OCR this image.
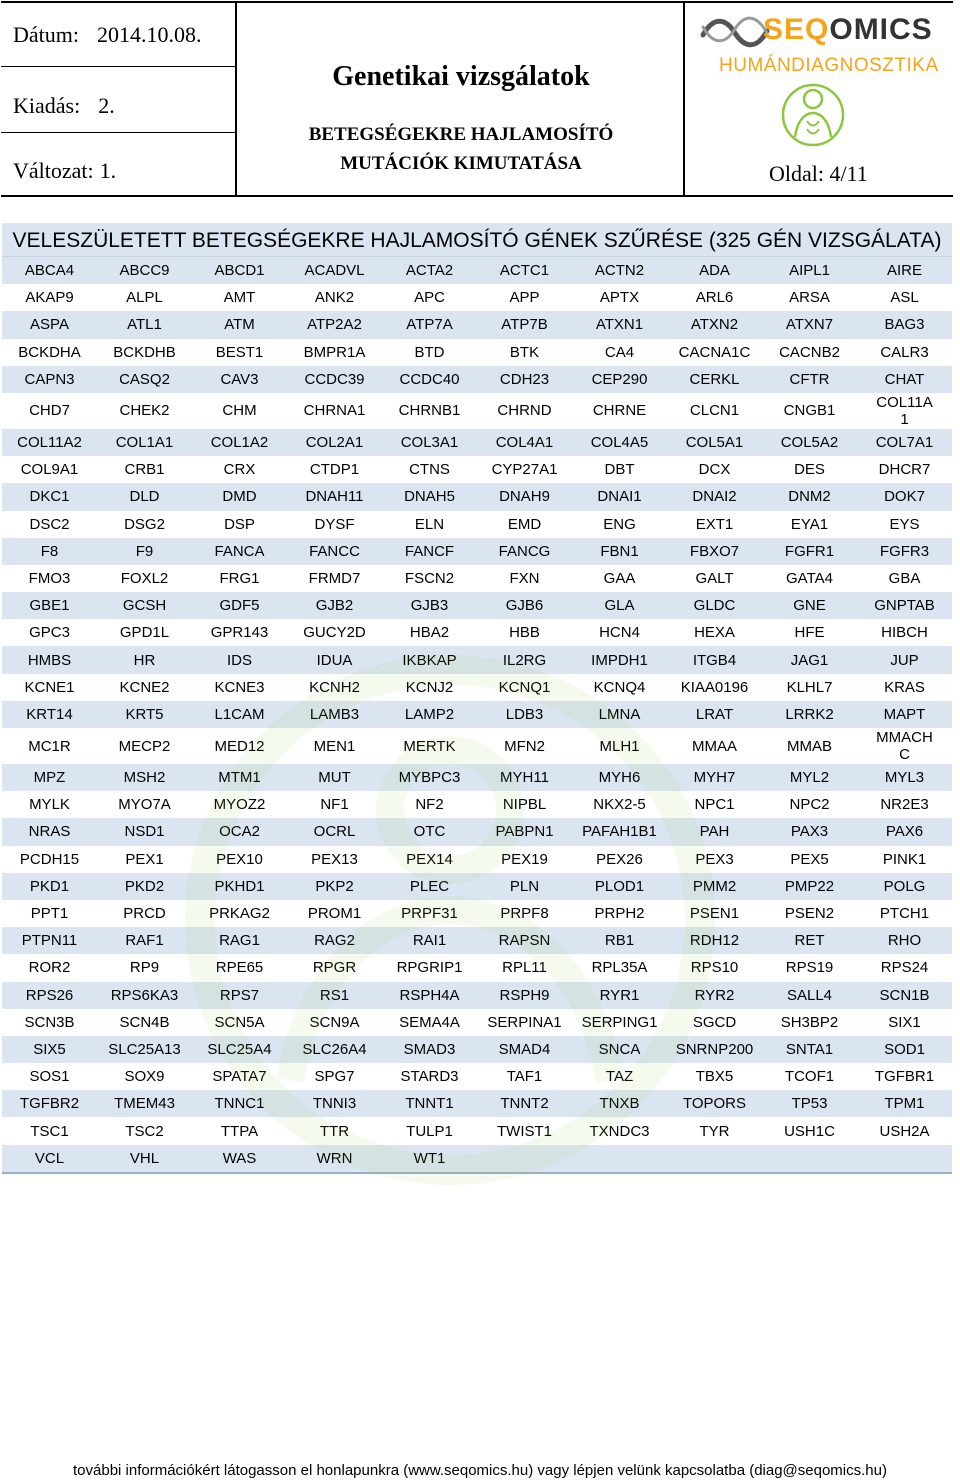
Dátum: 2014.10.08.
Kiadás: 2.
Változat: 1.
Genetikai vizsgálatok
BETEGSÉGEKRE HAJLAMOSÍTÓ
MUTÁCIÓK KIMUTATÁSA
SEQOMICS
HUMÁNDIAGNOSZTIKA
Oldal: 4/11
VELESZÜLETETT BETEGSÉGEKRE HAJLAMOSÍTÓ GÉNEK SZŰRÉSE (325 GÉN VIZSGÁLATA)
ABCA4	ABCC9	ABCD1	ACADVL	ACTA2	ACTC1	ACTN2	ADA	AIPL1	AIRE
AKAP9	ALPL	AMT	ANK2	APC	APP	APTX	ARL6	ARSA	ASL
ASPA	ATL1	ATM	ATP2A2	ATP7A	ATP7B	ATXN1	ATXN2	ATXN7	BAG3
BCKDHA	BCKDHB	BEST1	BMPR1A	BTD	BTK	CA4	CACNA1C	CACNB2	CALR3
CAPN3	CASQ2	CAV3	CCDC39	CCDC40	CDH23	CEP290	CERKL	CFTR	CHAT
CHD7	CHEK2	CHM	CHRNA1	CHRNB1	CHRND	CHRNE	CLCN1	CNGB1	COL11A
1
COL11A2	COL1A1	COL1A2	COL2A1	COL3A1	COL4A1	COL4A5	COL5A1	COL5A2	COL7A1
COL9A1	CRB1	CRX	CTDP1	CTNS	CYP27A1	DBT	DCX	DES	DHCR7
DKC1	DLD	DMD	DNAH11	DNAH5	DNAH9	DNAI1	DNAI2	DNM2	DOK7
DSC2	DSG2	DSP	DYSF	ELN	EMD	ENG	EXT1	EYA1	EYS
F8	F9	FANCA	FANCC	FANCF	FANCG	FBN1	FBXO7	FGFR1	FGFR3
FMO3	FOXL2	FRG1	FRMD7	FSCN2	FXN	GAA	GALT	GATA4	GBA
GBE1	GCSH	GDF5	GJB2	GJB3	GJB6	GLA	GLDC	GNE	GNPTAB
GPC3	GPD1L	GPR143	GUCY2D	HBA2	HBB	HCN4	HEXA	HFE	HIBCH
HMBS	HR	IDS	IDUA	IKBKAP	IL2RG	IMPDH1	ITGB4	JAG1	JUP
KCNE1	KCNE2	KCNE3	KCNH2	KCNJ2	KCNQ1	KCNQ4	KIAA0196	KLHL7	KRAS
KRT14	KRT5	L1CAM	LAMB3	LAMP2	LDB3	LMNA	LRAT	LRRK2	MAPT
MC1R	MECP2	MED12	MEN1	MERTK	MFN2	MLH1	MMAA	MMAB	MMACH
C
MPZ	MSH2	MTM1	MUT	MYBPC3	MYH11	MYH6	MYH7	MYL2	MYL3
MYLK	MYO7A	MYOZ2	NF1	NF2	NIPBL	NKX2-5	NPC1	NPC2	NR2E3
NRAS	NSD1	OCA2	OCRL	OTC	PABPN1	PAFAH1B1	PAH	PAX3	PAX6
PCDH15	PEX1	PEX10	PEX13	PEX14	PEX19	PEX26	PEX3	PEX5	PINK1
PKD1	PKD2	PKHD1	PKP2	PLEC	PLN	PLOD1	PMM2	PMP22	POLG
PPT1	PRCD	PRKAG2	PROM1	PRPF31	PRPF8	PRPH2	PSEN1	PSEN2	PTCH1
PTPN11	RAF1	RAG1	RAG2	RAI1	RAPSN	RB1	RDH12	RET	RHO
ROR2	RP9	RPE65	RPGR	RPGRIP1	RPL11	RPL35A	RPS10	RPS19	RPS24
RPS26	RPS6KA3	RPS7	RS1	RSPH4A	RSPH9	RYR1	RYR2	SALL4	SCN1B
SCN3B	SCN4B	SCN5A	SCN9A	SEMA4A	SERPINA1	SERPING1	SGCD	SH3BP2	SIX1
SIX5	SLC25A13	SLC25A4	SLC26A4	SMAD3	SMAD4	SNCA	SNRNP200	SNTA1	SOD1
SOS1	SOX9	SPATA7	SPG7	STARD3	TAF1	TAZ	TBX5	TCOF1	TGFBR1
TGFBR2	TMEM43	TNNC1	TNNI3	TNNT1	TNNT2	TNXB	TOPORS	TP53	TPM1
TSC1	TSC2	TTPA	TTR	TULP1	TWIST1	TXNDC3	TYR	USH1C	USH2A
VCL	VHL	WAS	WRN	WT1
további információkért látogasson el honlapunkra (www.seqomics.hu) vagy lépjen velünk kapcsolatba (diag@seqomics.hu)
